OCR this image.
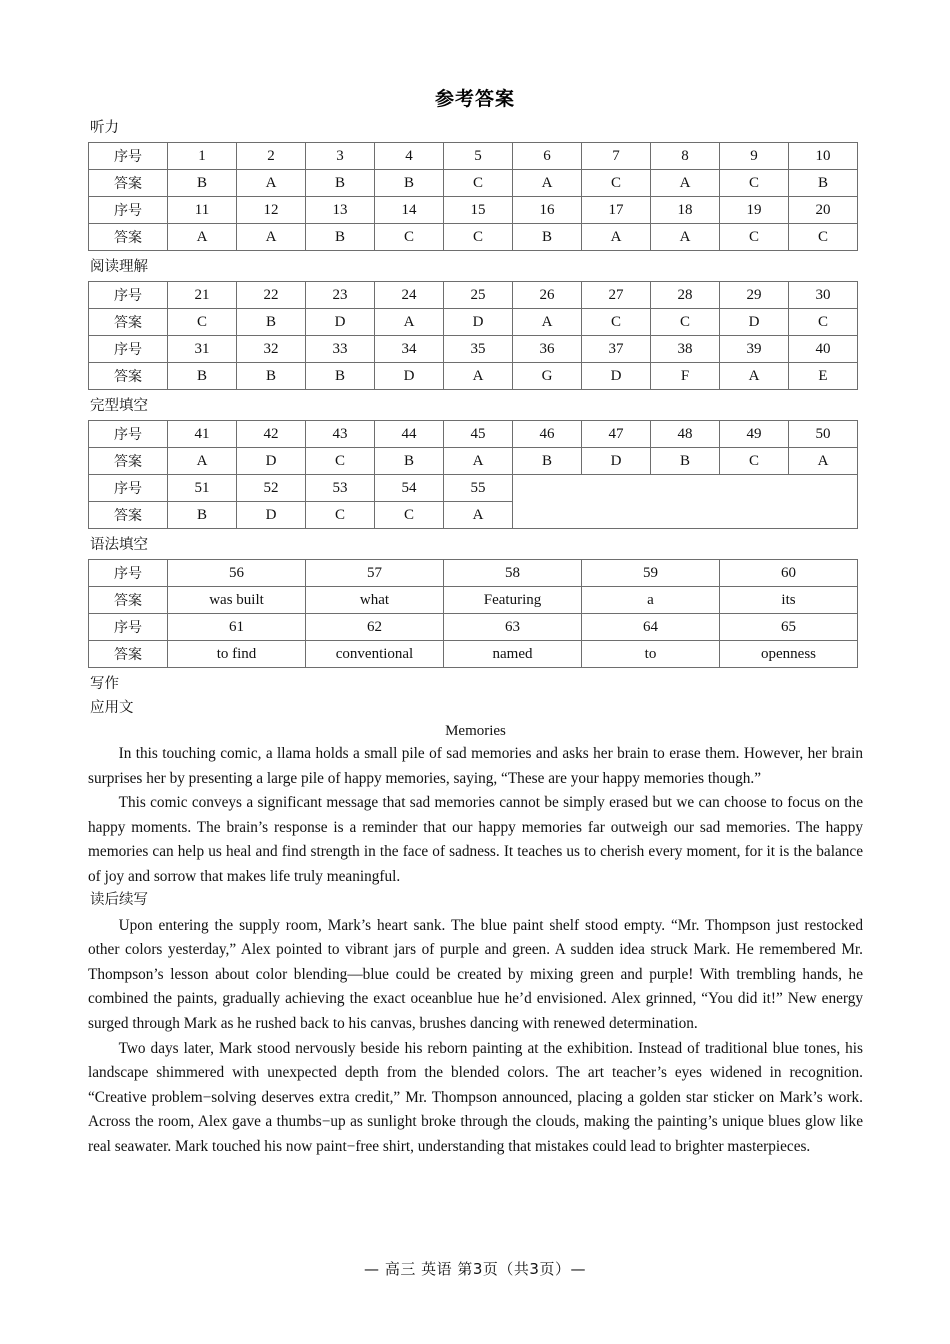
参考答案
听力
序号	1	2	3	4	5	6	7	8	9	10
答案	B	A	B	B	C	A	C	A	C	B
序号	11	12	13	14	15	16	17	18	19	20
答案	A	A	B	C	C	B	A	A	C	C
阅读理解
序号	21	22	23	24	25	26	27	28	29	30
答案	C	B	D	A	D	A	C	C	D	C
序号	31	32	33	34	35	36	37	38	39	40
答案	B	B	B	D	A	G	D	F	A	E
完型填空
序号	41	42	43	44	45	46	47	48	49	50
答案	A	D	C	B	A	B	D	B	C	A
序号	51	52	53	54	55					
答案	B	D	C	C	A					
语法填空
序号	56	57	58	59	60
答案	was built	what	Featuring	a	its
序号	61	62	63	64	65
答案	to find	conventional	named	to	openness
写作
应用文
Memories

In this touching comic, a llama holds a small pile of sad memories and asks her brain to erase them. However, her brain surprises her by presenting a large pile of happy memories, saying, “These are your happy memories though.”

This comic conveys a significant message that sad memories cannot be simply erased but we can choose to focus on the happy moments. The brain’s response is a reminder that our happy memories far outweigh our sad memories. The happy memories can help us heal and find strength in the face of sadness. It teaches us to cherish every moment, for it is the balance of joy and sorrow that makes life truly meaningful.

读后续写

Upon entering the supply room, Mark’s heart sank. The blue paint shelf stood empty. “Mr. Thompson just restocked other colors yesterday,” Alex pointed to vibrant jars of purple and green. A sudden idea struck Mark. He remembered Mr. Thompson’s lesson about color blending—blue could be created by mixing green and purple! With trembling hands, he combined the paints, gradually achieving the exact oceanblue hue he’d envisioned. Alex grinned, “You did it!” New energy surged through Mark as he rushed back to his canvas, brushes dancing with renewed determination.

Two days later, Mark stood nervously beside his reborn painting at the exhibition. Instead of traditional blue tones, his landscape shimmered with unexpected depth from the blended colors. The art teacher’s eyes widened in recognition. “Creative problem−solving deserves extra credit,” Mr. Thompson announced, placing a golden star sticker on Mark’s work. Across the room, Alex gave a thumbs−up as sunlight broke through the clouds, making the painting’s unique blues glow like real seawater. Mark touched his now paint−free shirt, understanding that mistakes could lead to brighter masterpieces.

— 高三 英语 第3页（共3页）—
